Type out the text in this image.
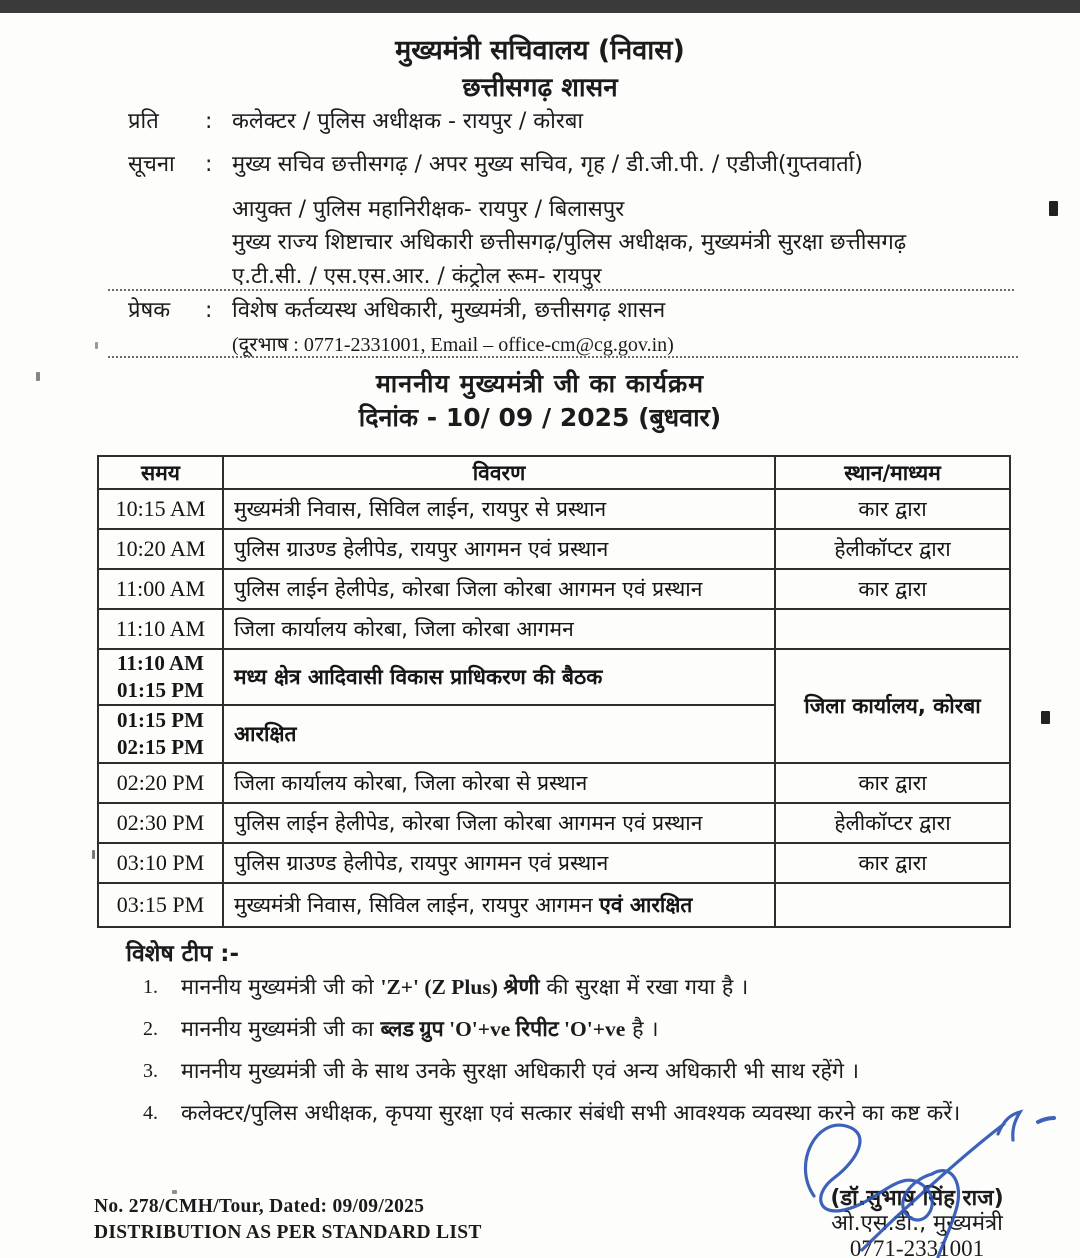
मुख्यमंत्री सचिवालय (निवास)
छत्तीसगढ़ शासन
प्रति : कलेक्टर / पुलिस अधीक्षक - रायपुर / कोरबा
सूचना : मुख्य सचिव छत्तीसगढ़ / अपर मुख्य सचिव, गृह / डी.जी.पी. / एडीजी(गुप्तवार्ता)
आयुक्त / पुलिस महानिरीक्षक- रायपुर / बिलासपुर
मुख्य राज्य शिष्टाचार अधिकारी छत्तीसगढ़/पुलिस अधीक्षक, मुख्यमंत्री सुरक्षा छत्तीसगढ़
ए.टी.सी. / एस.एस.आर. / कंट्रोल रूम- रायपुर
प्रेषक : विशेष कर्तव्यस्थ अधिकारी, मुख्यमंत्री, छत्तीसगढ़ शासन
(दूरभाष : 0771-2331001, Email – office-cm@cg.gov.in)
माननीय मुख्यमंत्री जी का कार्यक्रम
दिनांक - 10/ 09 / 2025 (बुधवार)
समय	विवरण	स्थान/माध्यम
10:15 AM	मुख्यमंत्री निवास, सिविल लाईन, रायपुर से प्रस्थान	कार द्वारा
10:20 AM	पुलिस ग्राउण्ड हेलीपेड, रायपुर आगमन एवं प्रस्थान	हेलीकॉप्टर द्वारा
11:00 AM	पुलिस लाईन हेलीपेड, कोरबा जिला कोरबा आगमन एवं प्रस्थान	कार द्वारा
11:10 AM	जिला कार्यालय कोरबा, जिला कोरबा आगमन	

11:10 AM
01:15 PM	मध्य क्षेत्र आदिवासी विकास प्राधिकरण की बैठक	जिला कार्यालय, कोरबा

01:15 PM
02:15 PM	आरक्षित	
02:20 PM	जिला कार्यालय कोरबा, जिला कोरबा से प्रस्थान	कार द्वारा
02:30 PM	पुलिस लाईन हेलीपेड, कोरबा जिला कोरबा आगमन एवं प्रस्थान	हेलीकॉप्टर द्वारा
03:10 PM	पुलिस ग्राउण्ड हेलीपेड, रायपुर आगमन एवं प्रस्थान	कार द्वारा
03:15 PM	मुख्यमंत्री निवास, सिविल लाईन, रायपुर आगमन एवं आरक्षित	
विशेष टीप :-
1.	माननीय मुख्यमंत्री जी को 'Z+' (Z Plus) श्रेणी की सुरक्षा में रखा गया है ।
2.	माननीय मुख्यमंत्री जी का ब्लड ग्रुप 'O'+ve रिपीट 'O'+ve है ।
3.	माननीय मुख्यमंत्री जी के साथ उनके सुरक्षा अधिकारी एवं अन्य अधिकारी भी साथ रहेंगे ।
4.	कलेक्टर/पुलिस अधीक्षक, कृपया सुरक्षा एवं सत्कार संबंधी सभी आवश्यक व्यवस्था करने का कष्ट करें।
No. 278/CMH/Tour, Dated: 09/09/2025
DISTRIBUTION AS PER STANDARD LIST
(डॉ.सुभाष सिंह राज)
ओ.एस.डी., मुख्यमंत्री
0771-2331001
